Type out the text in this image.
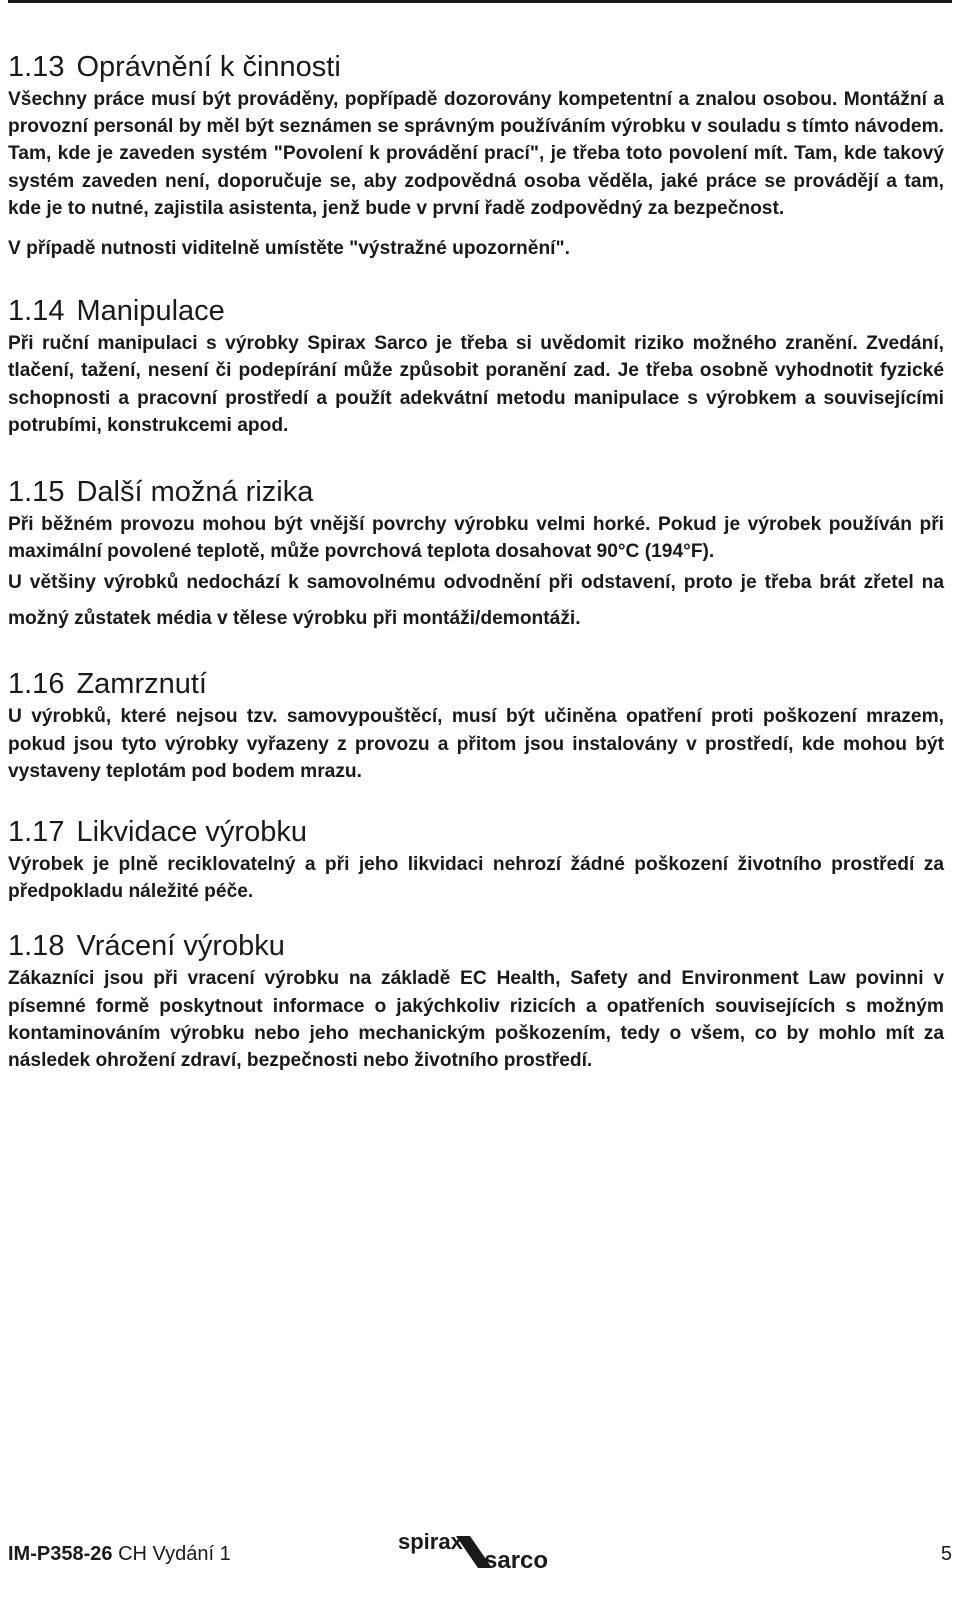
1.13 Oprávnění k činnosti

Všechny práce musí být prováděny, popřípadě dozorovány kompetentní a znalou osobou. Montážní a provozní personál by měl být seznámen se správným používáním výrobku v souladu s tímto návodem. Tam, kde je zaveden systém "Povolení k provádění prací", je třeba toto povolení mít. Tam, kde takový systém zaveden není, doporučuje se, aby zodpovědná osoba věděla, jaké práce se provádějí a tam, kde je to nutné, zajistila asistenta, jenž bude v první řadě zodpovědný za bezpečnost.

V případě nutnosti viditelně umístěte "výstražné upozornění".

1.14 Manipulace

Při ruční manipulaci s výrobky Spirax Sarco je třeba si uvědomit riziko možného zranění. Zvedání, tlačení, tažení, nesení či podepírání může způsobit poranění zad. Je třeba osobně vyhodnotit fyzické schopnosti a pracovní prostředí a použít adekvátní metodu manipulace s výrobkem a souvisejícími potrubími, konstrukcemi apod.

1.15 Další možná rizika

Při běžném provozu mohou být vnější povrchy výrobku velmi horké. Pokud je výrobek používán při maximální povolené teplotě, může povrchová teplota dosahovat 90°C (194°F).

U většiny výrobků nedochází k samovolnému odvodnění při odstavení, proto je třeba brát zřetel na možný zůstatek média v tělese výrobku při montáži/demontáži.

1.16 Zamrznutí

U výrobků, které nejsou tzv. samovypouštěcí, musí být učiněna opatření proti poškození mrazem, pokud jsou tyto výrobky vyřazeny z provozu a přitom jsou instalovány v prostředí, kde mohou být vystaveny teplotám pod bodem mrazu.

1.17 Likvidace výrobku

Výrobek je plně reciklovatelný a při jeho likvidaci nehrozí žádné poškození životního prostředí za předpokladu náležité péče.

1.18 Vrácení výrobku

Zákazníci jsou při vracení výrobku na základě EC Health, Safety and Environment Law povinni v písemné formě poskytnout informace o jakýchkoliv rizicích a opatřeních souvisejících s možným kontaminováním výrobku nebo jeho mechanickým poškozením, tedy o všem, co by mohlo mít za následek ohrožení zdraví, bezpečnosti nebo životního prostředí.

IM-P358-26 CH Vydání 1	spirax
sarco	5
